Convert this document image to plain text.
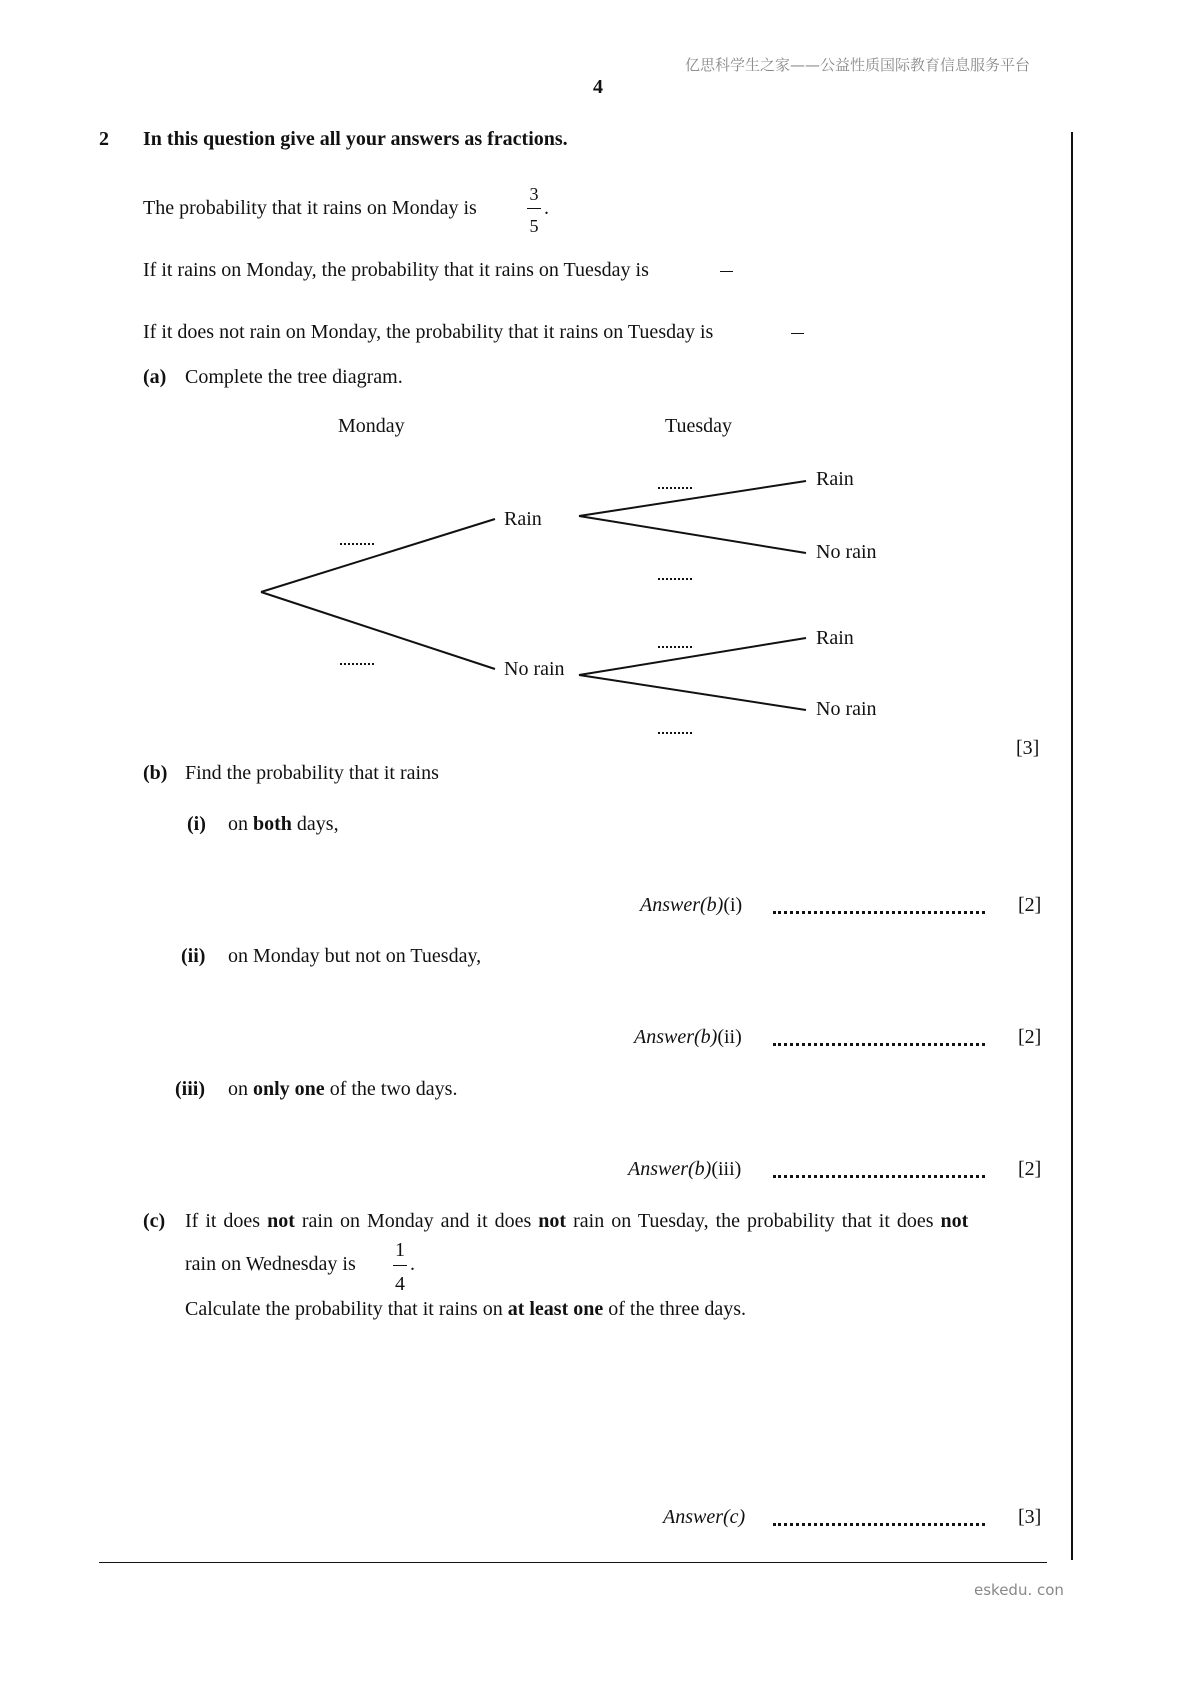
亿思科学生之家——公益性质国际教育信息服务平台
4
2 In this question give all your answers as fractions.
The probability that it rains on Monday is
3
5
.
If it rains on Monday, the probability that it rains on Tuesday is
If it does not rain on Monday, the probability that it rains on Tuesday is
(a) Complete the tree diagram.
Monday	Tuesday
Rain
No rain
Rain
No rain
Rain
No rain
[3]
(b) Find the probability that it rains
(i) on both days,
Answer(b)(i)	[2]
(ii) on Monday but not on Tuesday,
Answer(b)(ii)	[2]
(iii) on only one of the two days.
Answer(b)(iii)	[2]
(c) If it does not rain on Monday and it does not rain on Tuesday, the probability that it does not
rain on Wednesday is
1
4
.
Calculate the probability that it rains on at least one of the three days.
Answer(c)	[3]
eskedu. con
